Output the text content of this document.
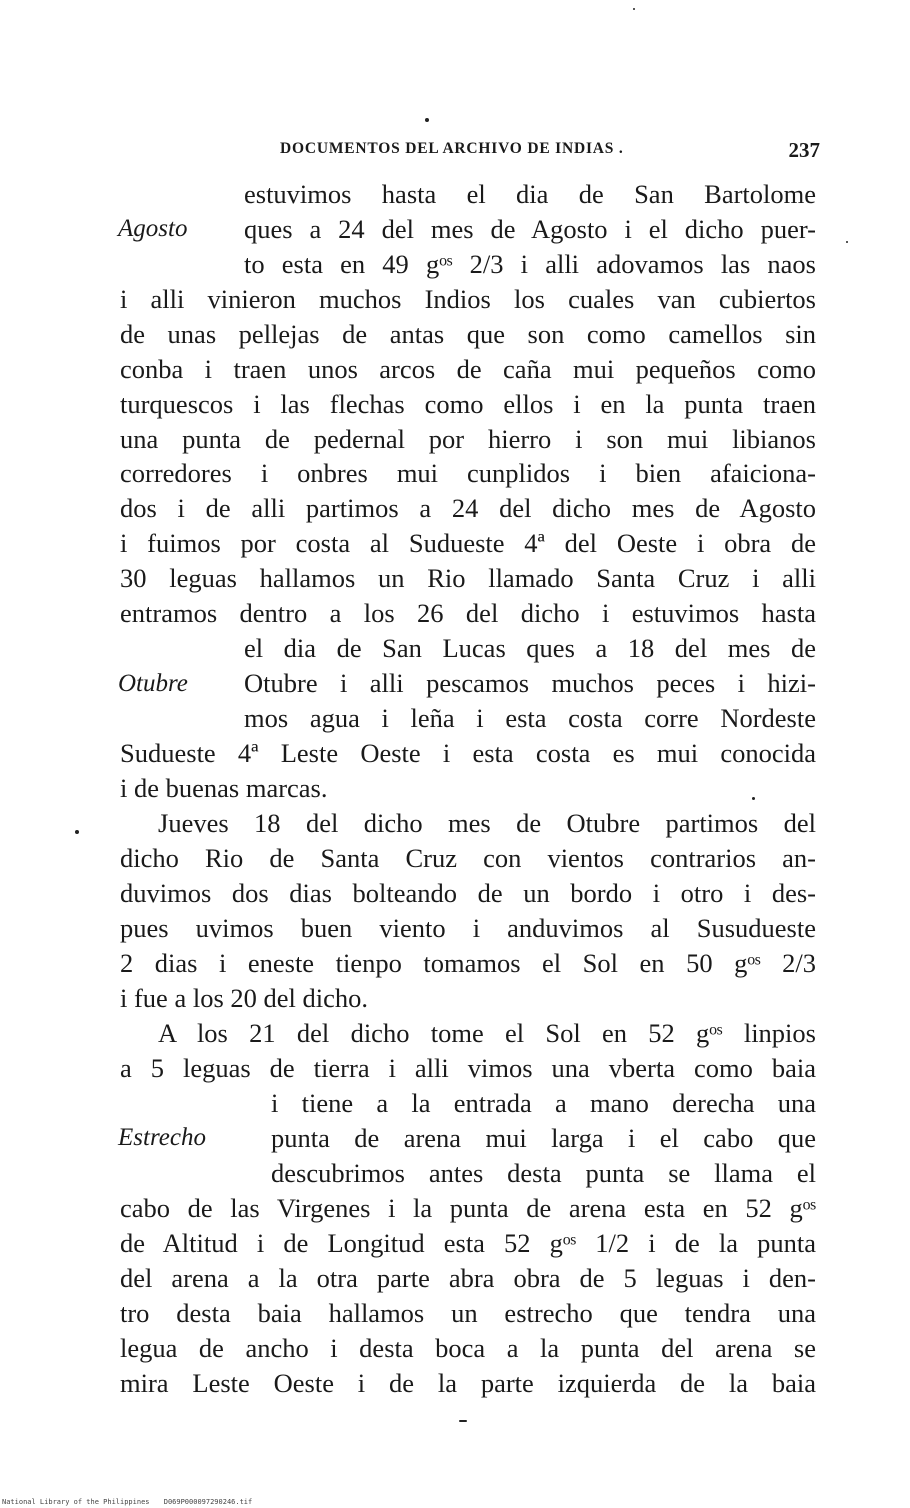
DOCUMENTOS DEL ARCHIVO DE INDIAS .	237
Agosto
Otubre
Estrecho
estuvimos hasta el dia de San Bartolome
ques a 24 del mes de Agosto i el dicho puer-
to esta en 49 gᵒˢ 2/3 i alli adovamos las naos
i alli vinieron muchos Indios los cuales van cubiertos
de unas pellejas de antas que son como camellos sin
conba i traen unos arcos de caña mui pequeños como
turquescos i las flechas como ellos i en la punta traen
una punta de pedernal por hierro i son mui libianos
corredores i onbres mui cunplidos i bien afaiciona-
dos i de alli partimos a 24 del dicho mes de Agosto
i fuimos por costa al Sudueste 4ª del Oeste i obra de
30 leguas hallamos un Rio llamado Santa Cruz i alli
entramos dentro a los 26 del dicho i estuvimos hasta
el dia de San Lucas ques a 18 del mes de
Otubre i alli pescamos muchos peces i hizi-
mos agua i leña i esta costa corre Nordeste
Sudueste 4ª Leste Oeste i esta costa es mui conocida
i de buenas marcas.
Jueves 18 del dicho mes de Otubre partimos del
dicho Rio de Santa Cruz con vientos contrarios an-
duvimos dos dias bolteando de un bordo i otro i des-
pues uvimos buen viento i anduvimos al Susudueste
2 dias i eneste tienpo tomamos el Sol en 50 gᵒˢ 2/3
i fue a los 20 del dicho.
A los 21 del dicho tome el Sol en 52 gᵒˢ linpios
a 5 leguas de tierra i alli vimos una vberta como baia
i tiene a la entrada a mano derecha una
punta de arena mui larga i el cabo que
descubrimos antes desta punta se llama el
cabo de las Virgenes i la punta de arena esta en 52 gᵒˢ
de Altitud i de Longitud esta 52 gᵒˢ 1/2 i de la punta
del arena a la otra parte abra obra de 5 leguas i den-
tro desta baia hallamos un estrecho que tendra una
legua de ancho i desta boca a la punta del arena se
mira Leste Oeste i de la parte izquierda de la baia
National Library of the Philippines D069P000097290246.tif
